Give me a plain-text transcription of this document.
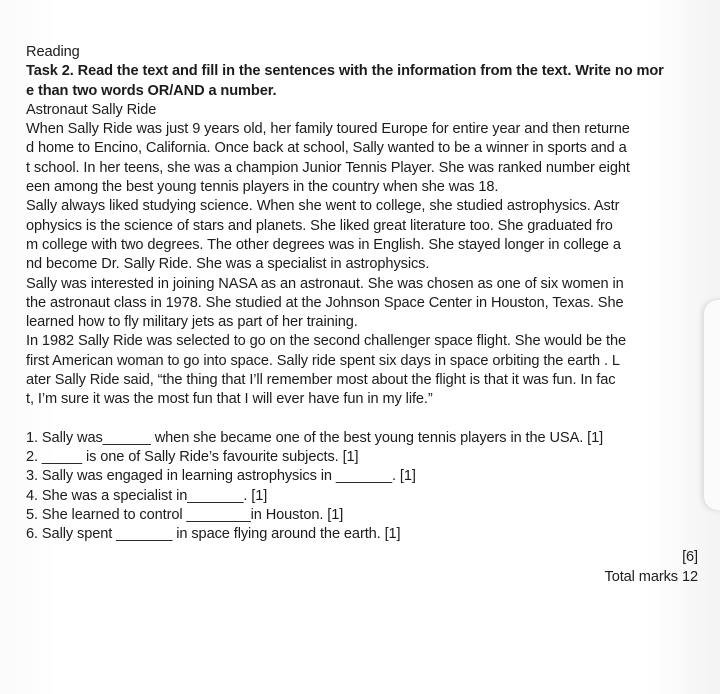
Reading
Task 2. Read the text and fill in the sentences with the information from the text. Write no mor
e than two words OR/AND a number.
Astronaut Sally Ride
When Sally Ride was just 9 years old, her family toured Europe for entire year and then returne
d home to Encino, California. Once back at school, Sally wanted to be a winner in sports and a
t school. In her teens, she was a champion Junior Tennis Player. She was ranked number eight
een among the best young tennis players in the country when she was 18.
Sally always liked studying science. When she went to college, she studied astrophysics. Astr
ophysics is the science of stars and planets. She liked great literature too. She graduated fro
m college with two degrees. The other degrees was in English. She stayed longer in college a
nd become Dr. Sally Ride. She was a specialist in astrophysics.
Sally was interested in joining NASA as an astronaut. She was chosen as one of six women in
the astronaut class in 1978. She studied at the Johnson Space Center in Houston, Texas. She
learned how to fly military jets as part of her training.
In 1982 Sally Ride was selected to go on the second challenger space flight. She would be the
first American woman to go into space. Sally ride spent six days in space orbiting the earth . L
ater Sally Ride said, “the thing that I’ll remember most about the flight is that it was fun. In fac
t, I’m sure it was the most fun that I will ever have fun in my life.”
1. Sally was______ when she became one of the best young tennis players in the USA. [1]
2. _____ is one of Sally Ride’s favourite subjects. [1]
3. Sally was engaged in learning astrophysics in _______. [1]
4. She was a specialist in_______. [1]
5. She learned to control ________in Houston. [1]
6. Sally spent _______ in space flying around the earth. [1]
[6]
Total marks 12
